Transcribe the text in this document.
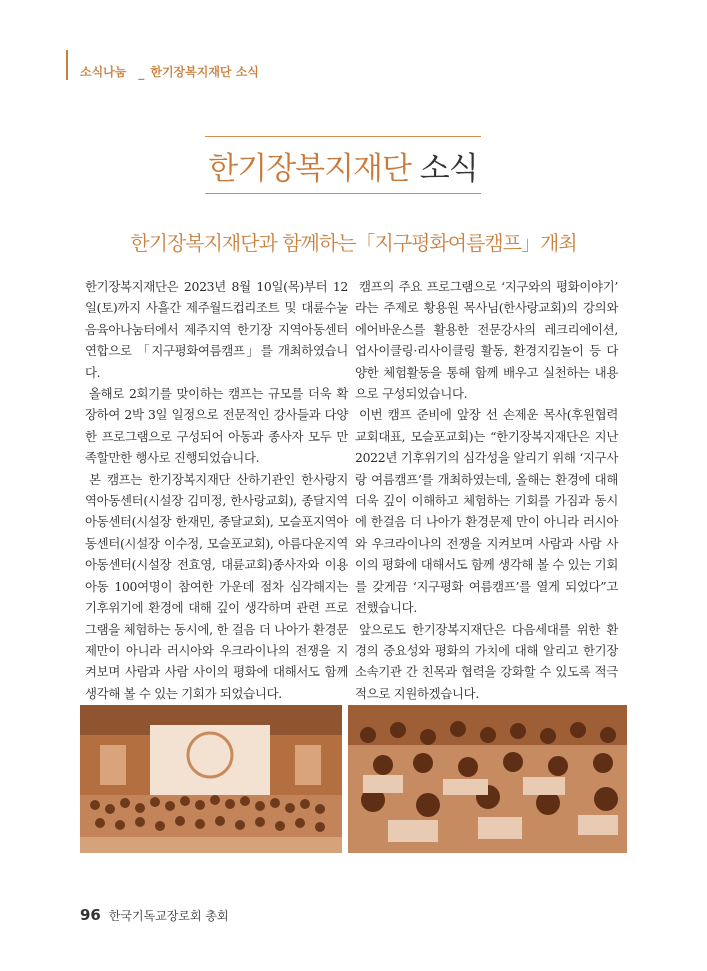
소식나눔 _ 한기장복지재단 소식
한기장복지재단 소식
한기장복지재단과 함께하는「지구평화여름캠프」개최

한기장복지재단은 2023년 8월 10일(목)부터 12일(토)까지 사흘간 제주월드컵리조트 및 대륜수눌음육아나눔터에서 제주지역 한기장 지역아동센터 연합으로 「지구평화여름캠프」를 개최하였습니다.

올해로 2회기를 맞이하는 캠프는 규모를 더욱 확장하여 2박 3일 일정으로 전문적인 강사들과 다양한 프로그램으로 구성되어 아동과 종사자 모두 만족할만한 행사로 진행되었습니다.

본 캠프는 한기장복지재단 산하기관인 한사랑지역아동센터(시설장 김미정, 한사랑교회), 종달지역아동센터(시설장 한재민, 종달교회), 모슬포지역아동센터(시설장 이수정, 모슬포교회), 아름다운지역아동센터(시설장 전효영, 대륜교회)종사자와 이용아동 100여명이 참여한 가운데 점차 심각해지는 기후위기에 환경에 대해 깊이 생각하며 관련 프로그램을 체험하는 동시에, 한 걸음 더 나아가 환경문제만이 아니라 러시아와 우크라이나의 전쟁을 지켜보며 사람과 사람 사이의 평화에 대해서도 함께 생각해 볼 수 있는 기회가 되었습니다.

캠프의 주요 프로그램으로 ‘지구와의 평화이야기’ 라는 주제로 황용원 목사님(한사랑교회)의 강의와 에어바운스를 활용한 전문강사의 레크리에이션, 업사이클링·리사이클링 활동, 환경지킴놀이 등 다양한 체험활동을 통해 함께 배우고 실천하는 내용으로 구성되었습니다.

이번 캠프 준비에 앞장 선 손제운 목사(후원협력교회대표, 모슬포교회)는 “한기장복지재단은 지난 2022년 기후위기의 심각성을 알리기 위해 ‘지구사랑 여름캠프’를 개최하였는데, 올해는 환경에 대해 더욱 깊이 이해하고 체험하는 기회를 가짐과 동시에 한걸음 더 나아가 환경문제 만이 아니라 러시아와 우크라이나의 전쟁을 지켜보며 사람과 사람 사이의 평화에 대해서도 함께 생각해 볼 수 있는 기회를 갖게끔 ‘지구평화 여름캠프’를 열게 되었다”고 전했습니다.

앞으로도 한기장복지재단은 다음세대를 위한 환경의 중요성와 평화의 가치에 대해 알리고 한기장 소속기관 간 친목과 협력을 강화할 수 있도록 적극적으로 지원하겠습니다.

96 한국기독교장로회 총회
